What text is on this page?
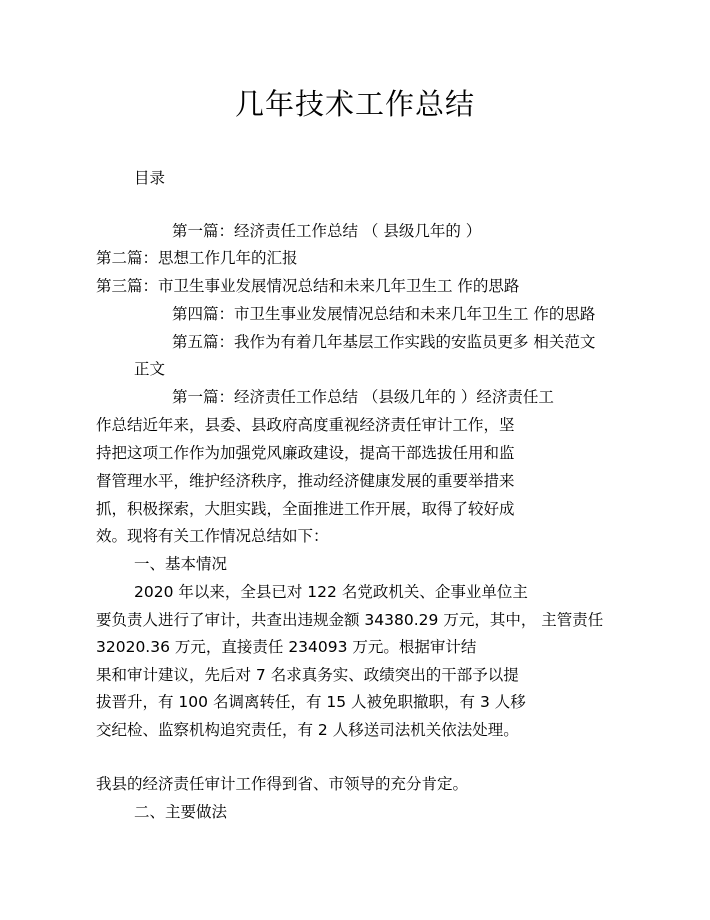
几年技术工作总结
目录
第一篇：经济责任工作总结 （ 县级几年的 ）
第二篇：思想工作几年的汇报
第三篇：市卫生事业发展情况总结和未来几年卫生工 作的思路
第四篇：市卫生事业发展情况总结和未来几年卫生工 作的思路
第五篇：我作为有着几年基层工作实践的安监员更多 相关范文
正文
第一篇：经济责任工作总结 （县级几年的 ）经济责任工
作总结近年来，县委、县政府高度重视经济责任审计工作，坚
持把这项工作作为加强党风廉政建设，提高干部选拔任用和监
督管理水平，维护经济秩序，推动经济健康发展的重要举措来
抓，积极探索，大胆实践，全面推进工作开展，取得了较好成
效。现将有关工作情况总结如下：
一、基本情况
2020 年以来，全县已对 122 名党政机关、企事业单位主
要负责人进行了审计，共查出违规金额 34380.29 万元，其中， 主管责任
32020.36 万元，直接责任 234093 万元。根据审计结
果和审计建议，先后对 7 名求真务实、政绩突出的干部予以提
拔晋升，有 100 名调离转任，有 15 人被免职撤职，有 3 人移
交纪检、监察机构追究责任，有 2 人移送司法机关依法处理。
我县的经济责任审计工作得到省、市领导的充分肯定。
二、主要做法
